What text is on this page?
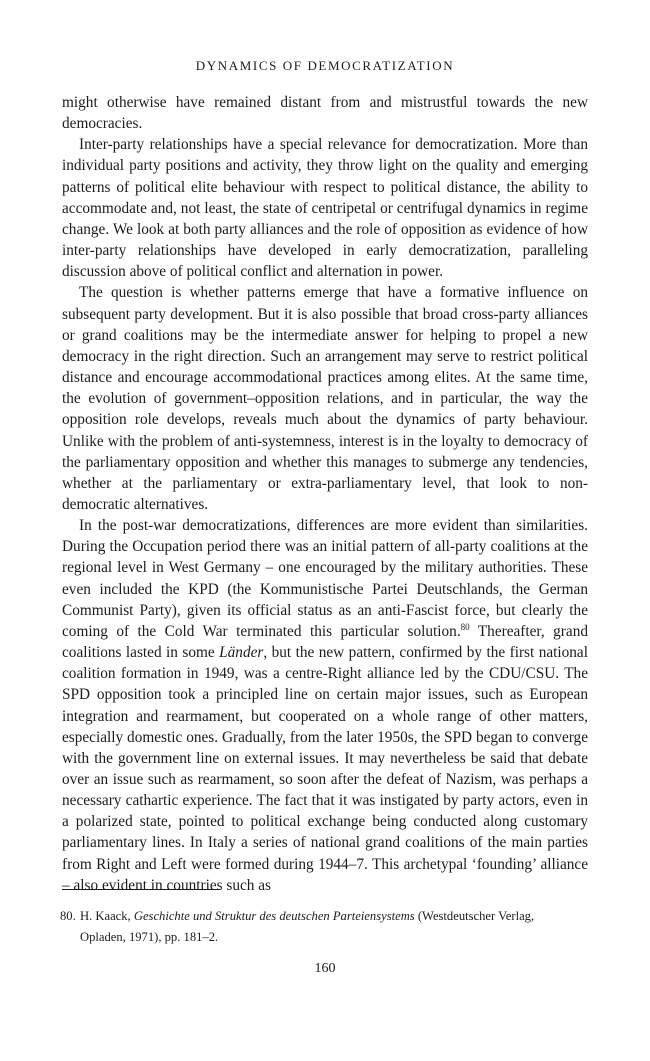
DYNAMICS OF DEMOCRATIZATION

might otherwise have remained distant from and mistrustful towards the new democracies.

Inter-party relationships have a special relevance for democratization. More than individual party positions and activity, they throw light on the quality and emerging patterns of political elite behaviour with respect to political distance, the ability to accommodate and, not least, the state of centripetal or centrifugal dynamics in regime change. We look at both party alliances and the role of opposition as evidence of how inter-party relationships have developed in early democratization, paralleling discussion above of political conflict and alternation in power.

The question is whether patterns emerge that have a formative influence on subsequent party development. But it is also possible that broad cross-party alliances or grand coalitions may be the intermediate answer for helping to propel a new democracy in the right direction. Such an arrangement may serve to restrict political distance and encourage accommodational practices among elites. At the same time, the evolution of government–opposition relations, and in particular, the way the opposition role develops, reveals much about the dynamics of party behaviour. Unlike with the problem of anti-systemness, interest is in the loyalty to democracy of the parliamentary opposition and whether this manages to submerge any tendencies, whether at the parliamentary or extra-parliamentary level, that look to non-democratic alternatives.

In the post-war democratizations, differences are more evident than similarities. During the Occupation period there was an initial pattern of all-party coalitions at the regional level in West Germany – one encouraged by the military authorities. These even included the KPD (the Kommunistische Partei Deutschlands, the German Communist Party), given its official status as an anti-Fascist force, but clearly the coming of the Cold War terminated this particular solution.$^{80}$ Thereafter, grand coalitions lasted in some Länder, but the new pattern, confirmed by the first national coalition formation in 1949, was a centre-Right alliance led by the CDU/CSU. The SPD opposition took a principled line on certain major issues, such as European integration and rearmament, but cooperated on a whole range of other matters, especially domestic ones. Gradually, from the later 1950s, the SPD began to converge with the government line on external issues. It may nevertheless be said that debate over an issue such as rearmament, so soon after the defeat of Nazism, was perhaps a necessary cathartic experience. The fact that it was instigated by party actors, even in a polarized state, pointed to political exchange being conducted along customary parliamentary lines. In Italy a series of national grand coalitions of the main parties from Right and Left were formed during 1944–7. This archetypal ‘founding’ alliance – also evident in countries such as

80. H. Kaack, Geschichte und Struktur des deutschen Parteiensystems (Westdeutscher Verlag, Opladen, 1971), pp. 181–2.
160
